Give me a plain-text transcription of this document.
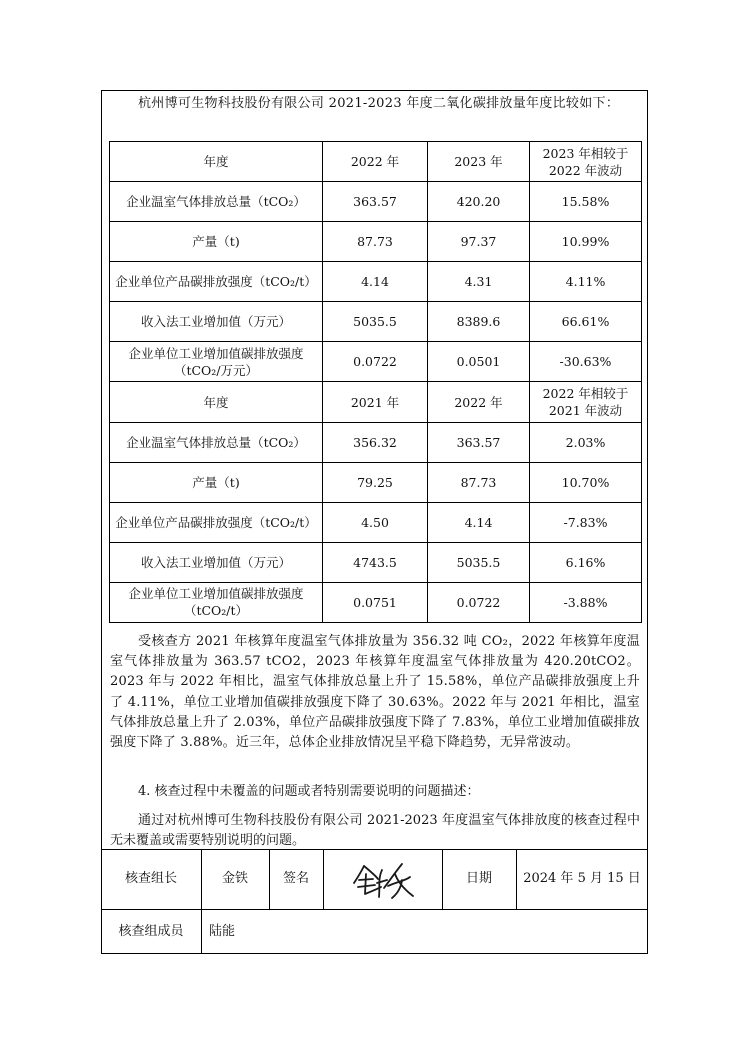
杭州博可生物科技股份有限公司 2021-2023 年度二氧化碳排放量年度比较如下：

年度	2022 年	2023 年	2023 年相较于 2022 年波动
企业温室气体排放总量（tCO₂）	363.57	420.20	15.58%
产量（t)	87.73	97.37	10.99%
企业单位产品碳排放强度（tCO₂/t）	4.14	4.31	4.11%
收入法工业增加值（万元）	5035.5	8389.6	66.61%
企业单位工业增加值碳排放强度（tCO₂/万元）	0.0722	0.0501	-30.63%
年度	2021 年	2022 年	2022 年相较于 2021 年波动
企业温室气体排放总量（tCO₂）	356.32	363.57	2.03%
产量（t)	79.25	87.73	10.70%
企业单位产品碳排放强度（tCO₂/t）	4.50	4.14	-7.83%
收入法工业增加值（万元）	4743.5	5035.5	6.16%
企业单位工业增加值碳排放强度（tCO₂/t）	0.0751	0.0722	-3.88%

受核查方 2021 年核算年度温室气体排放量为 356.32 吨 CO₂，2022 年核算年度温室气体排放量为 363.57 tCO2，2023 年核算年度温室气体排放量为 420.20tCO2。2023 年与 2022 年相比，温室气体排放总量上升了 15.58%，单位产品碳排放强度上升了 4.11%，单位工业增加值碳排放强度下降了 30.63%。2022 年与 2021 年相比，温室气体排放总量上升了 2.03%，单位产品碳排放强度下降了 7.83%，单位工业增加值碳排放强度下降了 3.88%。近三年，总体企业排放情况呈平稳下降趋势，无异常波动。

4. 核查过程中未覆盖的问题或者特别需要说明的问题描述：

通过对杭州博可生物科技股份有限公司 2021-2023 年度温室气体排放度的核查过程中无未覆盖或需要特别说明的问题。

核查组长	金铁	签名	日期	2024 年 5 月 15 日
核查组成员	陆能
